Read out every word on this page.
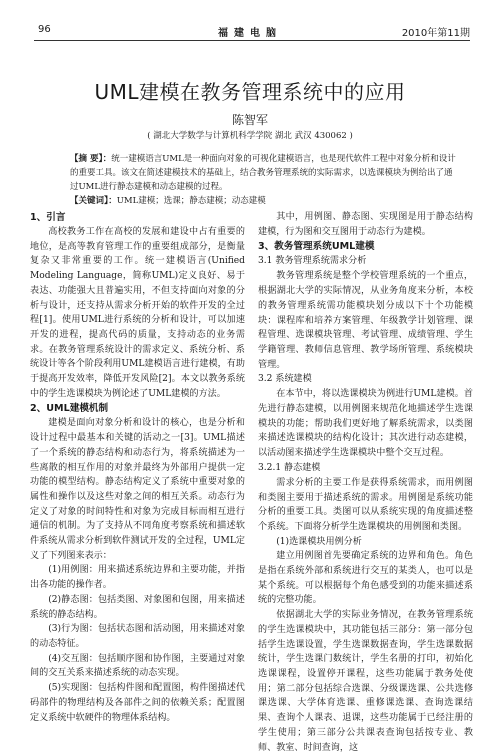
96	福建电脑	2010年第11期
UML建模在教务管理系统中的应用
陈智军
( 湖北大学数学与计算机科学学院 湖北 武汉 430062 )

【摘 要】：统一建模语言UML是一种面向对象的可视化建模语言，也是现代软件工程中对象分析和设计的重要工具。该文在简述建模技术的基础上，结合教务管理系统的实际需求，以选课模块为例给出了通过UML进行静态建模和动态建模的过程。

【关键词】：UML建模；选课；静态建模；动态建模

1、引言

高校教务工作在高校的发展和建设中占有重要的地位，是高等教育管理工作的重要组成部分，是衡量复杂又非常重要的工作。统一建模语言(Unified Modeling Language，简称UML)定义良好、易于表达、功能强大且普遍实用，不但支持面向对象的分析与设计，还支持从需求分析开始的软件开发的全过程[1]。使用UML进行系统的分析和设计，可以加速开发的进程，提高代码的质量，支持动态的业务需求。在教务管理系统设计的需求定义、系统分析、系统设计等各个阶段利用UML建模语言进行建模，有助于提高开发效率，降低开发风险[2]。本文以教务系统中的学生选课模块为例论述了UML建模的方法。

2、UML建模机制

建模是面向对象分析和设计的核心，也是分析和设计过程中最基本和关键的活动之一[3]。UML描述了一个系统的静态结构和动态行为，将系统描述为一些离散的相互作用的对象并最终为外部用户提供一定功能的模型结构。静态结构定义了系统中重要对象的属性和操作以及这些对象之间的相互关系。动态行为定义了对象的时间特性和对象为完成目标而相互进行通信的机制。为了支持从不同角度考察系统和描述软件系统从需求分析到软件测试开发的全过程，UML定义了下列图来表示：

(1)用例图：用来描述系统边界和主要功能，并指出各功能的操作者。

(2)静态图：包括类图、对象图和包图，用来描述系统的静态结构。

(3)行为图：包括状态图和活动图，用来描述对象的动态特征。

(4)交互图：包括顺序图和协作图，主要通过对象间的交互关系来描述系统的动态实现。

(5)实现图：包括构件图和配置图，构件图描述代码部件的物理结构及各部件之间的依赖关系；配置图定义系统中软硬件的物理体系结构。

其中，用例图、静态图、实现图是用于静态结构建模，行为图和交互图用于动态行为建模。

3、教务管理系统UML建模
3.1 教务管理系统需求分析

教务管理系统是整个学校管理系统的一个重点，根据湖北大学的实际情况，从业务角度来分析，本校的教务管理系统需功能模块划分成以下十个功能模块：课程库和培养方案管理、年级教学计划管理、课程管理、选课模块管理、考试管理、成绩管理、学生学籍管理、教师信息管理、教学场所管理、系统模块管理。

3.2 系统建模

在本节中，将以选课模块为例进行UML建模。首先进行静态建模，以用例图来规范化地描述学生选课模块的功能；帮助我们更好地了解系统需求，以类图来描述选课模块的结构化设计；其次进行动态建模，以活动图来描述学生选课模块中整个交互过程。

3.2.1 静态建模

需求分析的主要工作是获得系统需求，而用例图和类图主要用于描述系统的需求。用例图是系统功能分析的重要工具。类图可以从系统实现的角度描述整个系统。下面将分析学生选课模块的用例图和类图。

(1)选课模块用例分析

建立用例图首先要确定系统的边界和角色。角色是指在系统外部和系统进行交互的某类人，也可以是某个系统。可以根据每个角色感受到的功能来描述系统的完整功能。

依据湖北大学的实际业务情况，在教务管理系统的学生选课模块中，其功能包括三部分：第一部分包括学生选课设置，学生选课数据查询，学生选课数据统计，学生选课门数统计，学生名册的打印，初始化选课课程，设置停开课程，这些功能属于教务处使用；第二部分包括综合选课、分级课选课、公共选修课选课、大学体育选课、重修课选课、查询选课结果、查询个人课表、退课，这些功能属于已经注册的学生使用；第三部分公共课表查询包括按专业、教师、教室、时间查询，这
